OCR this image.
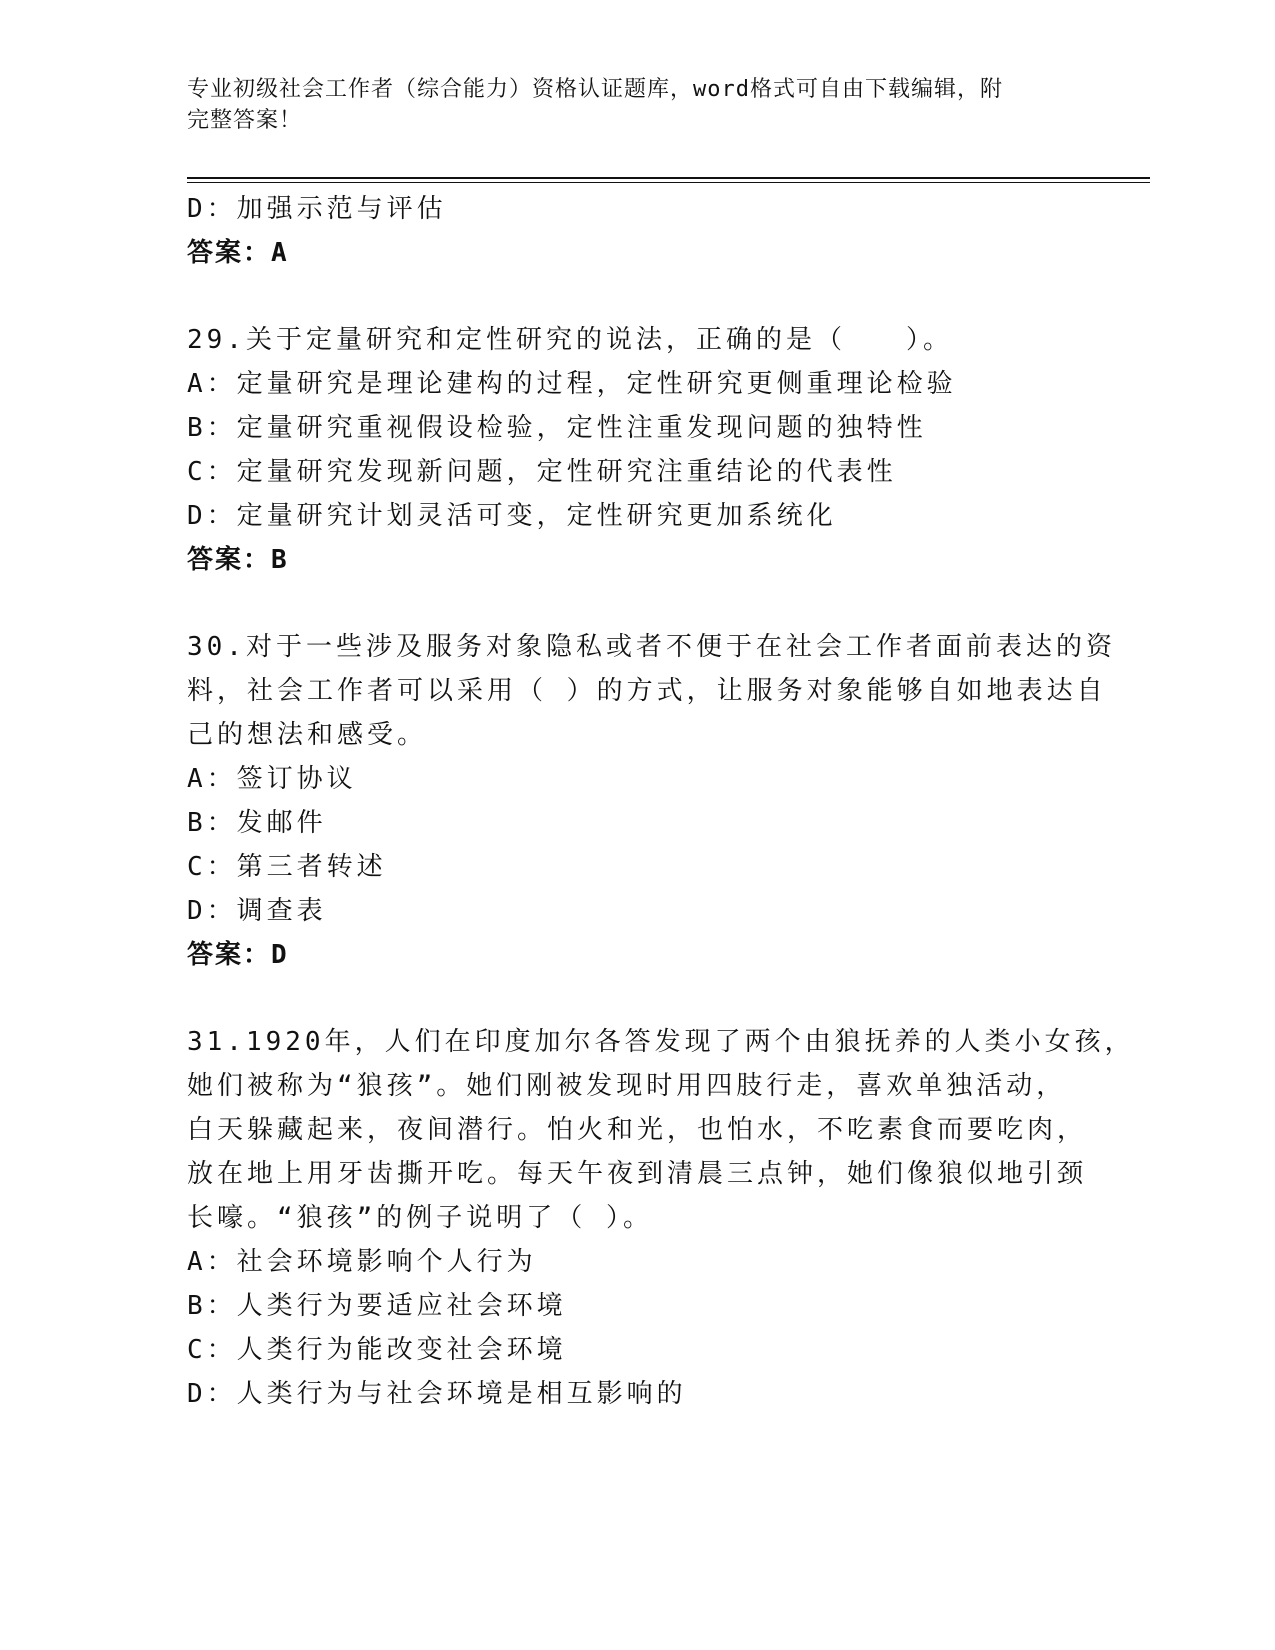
专业初级社会工作者（综合能力）资格认证题库，word格式可自由下载编辑，附
完整答案！
D：加强示范与评估
答案：A
29.关于定量研究和定性研究的说法，正确的是（　　）。
A：定量研究是理论建构的过程，定性研究更侧重理论检验
B：定量研究重视假设检验，定性注重发现问题的独特性
C：定量研究发现新问题，定性研究注重结论的代表性
D：定量研究计划灵活可变，定性研究更加系统化
答案：B
30.对于一些涉及服务对象隐私或者不便于在社会工作者面前表达的资
料，社会工作者可以采用（ ）的方式，让服务对象能够自如地表达自
己的想法和感受。
A：签订协议
B：发邮件
C：第三者转述
D：调查表
答案：D
31.1920年，人们在印度加尔各答发现了两个由狼抚养的人类小女孩，
她们被称为“狼孩”。她们刚被发现时用四肢行走，喜欢单独活动，
白天躲藏起来，夜间潜行。怕火和光，也怕水，不吃素食而要吃肉，
放在地上用牙齿撕开吃。每天午夜到清晨三点钟，她们像狼似地引颈
长嚎。“狼孩”的例子说明了（ ）。
A：社会环境影响个人行为
B：人类行为要适应社会环境
C：人类行为能改变社会环境
D：人类行为与社会环境是相互影响的
